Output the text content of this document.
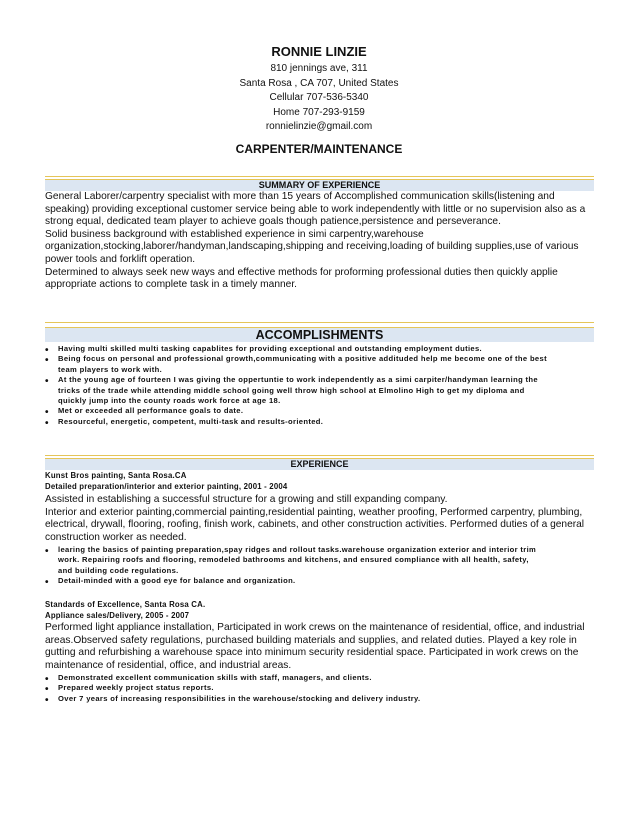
RONNIE LINZIE
810 jennings ave, 311
Santa Rosa , CA 707, United States
Cellular 707-536-5340
Home 707-293-9159
ronnielinzie@gmail.com
CARPENTER/MAINTENANCE
SUMMARY OF EXPERIENCE
General Laborer/carpentry specialist with more than 15 years of Accomplished communication skills(listening and
speaking) providing exceptional customer service being able to work independently with little or no supervision also as a
strong equal, dedicated team player to achieve goals though patience,persistence and perseverance.
Solid business background with established experience in simi carpentry,warehouse
organization,stocking,laborer/handyman,landscaping,shipping and receiving,loading of building supplies,use of various
power tools and forklift operation.
Determined to always seek new ways and effective methods for proforming professional duties then quickly applie
appropriate actions to complete task in a timely manner.
ACCOMPLISHMENTS
•	Having multi skilled multi tasking capablites for providing exceptional and outstanding employment duties.
•	Being focus on personal and professional growth,communicating with a positive addituded help me become one of the best
team players to work with.
•	At the young age of fourteen I was giving the oppertuntie to work independently as a simi carpiter/handyman learning the
tricks of the trade while attending middle school going well throw high school at Elmolino High to get my diploma and
quickly jump into the county roads work force at age 18.
•	Met or exceeded all performance goals to date.
•	Resourceful, energetic, competent, multi-task and results-oriented.
EXPERIENCE
Kunst Bros painting, Santa Rosa.CA
Detailed preparation/interior and exterior painting, 2001 - 2004
Assisted in establishing a successful structure for a growing and still expanding company.
Interior and exterior painting,commercial painting,residential painting, weather proofing, Performed carpentry, plumbing,
electrical, drywall, flooring, roofing, finish work, cabinets, and other construction activities. Performed duties of a general
construction worker as needed.
•	learing the basics of painting preparation,spay ridges and rollout tasks.warehouse organization exterior and interior trim
work. Repairing roofs and flooring, remodeled bathrooms and kitchens, and ensured compliance with all health, safety,
and building code regulations.
•	Detail-minded with a good eye for balance and organization.
Standards of Excellence, Santa Rosa CA.
Appliance sales/Delivery, 2005 - 2007
Performed light appliance installation, Participated in work crews on the maintenance of residential, office, and industrial
areas.Observed safety regulations, purchased building materials and supplies, and related duties. Played a key role in
gutting and refurbishing a warehouse space into minimum security residential space. Participated in work crews on the
maintenance of residential, office, and industrial areas.
•	Demonstrated excellent communication skills with staff, managers, and clients.
•	Prepared weekly project status reports.
•	Over 7 years of increasing responsibilities in the warehouse/stocking and delivery industry.
